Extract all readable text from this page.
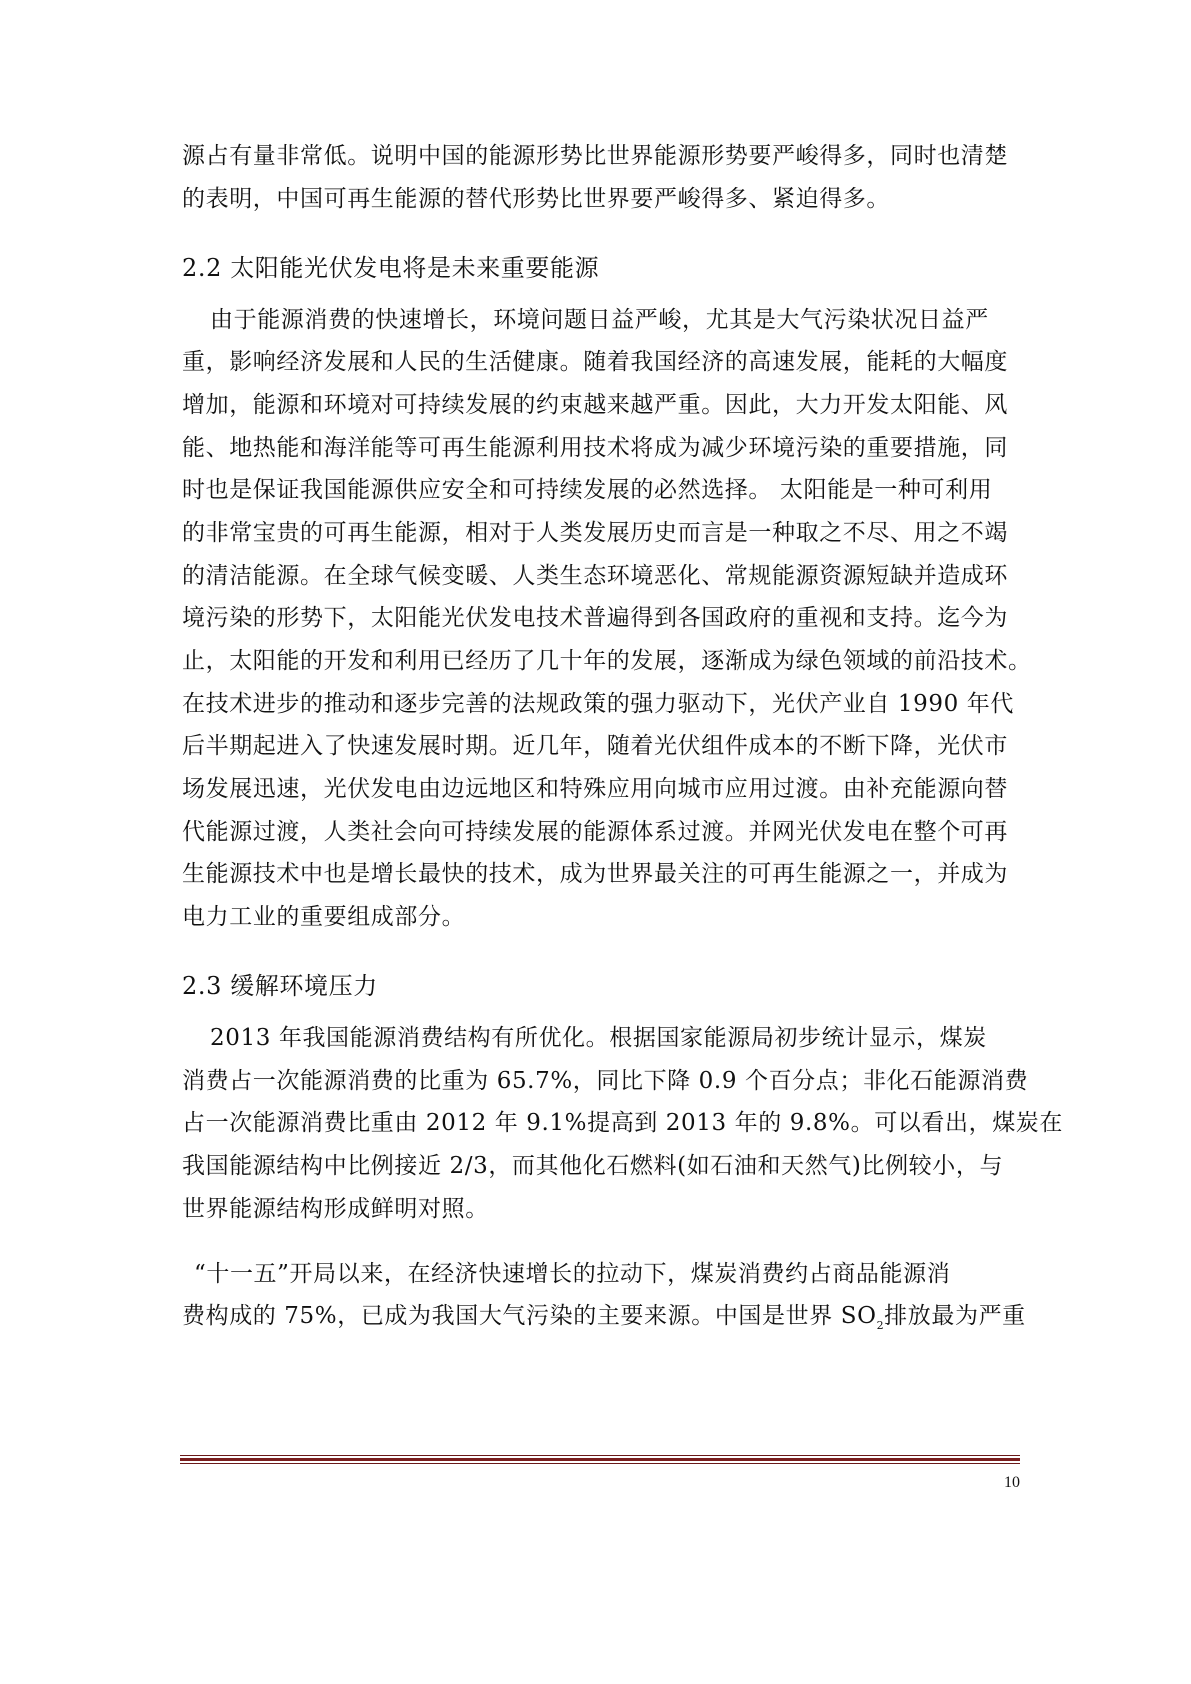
源占有量非常低。说明中国的能源形势比世界能源形势要严峻得多，同时也清楚
的表明，中国可再生能源的替代形势比世界要严峻得多、紧迫得多。
2.2 太阳能光伏发电将是未来重要能源
由于能源消费的快速增长，环境问题日益严峻，尤其是大气污染状况日益严
重，影响经济发展和人民的生活健康。随着我国经济的高速发展，能耗的大幅度
增加，能源和环境对可持续发展的约束越来越严重。因此，大力开发太阳能、风
能、地热能和海洋能等可再生能源利用技术将成为减少环境污染的重要措施，同
时也是保证我国能源供应安全和可持续发展的必然选择。 太阳能是一种可利用
的非常宝贵的可再生能源，相对于人类发展历史而言是一种取之不尽、用之不竭
的清洁能源。在全球气候变暖、人类生态环境恶化、常规能源资源短缺并造成环
境污染的形势下，太阳能光伏发电技术普遍得到各国政府的重视和支持。迄今为
止，太阳能的开发和利用已经历了几十年的发展，逐渐成为绿色领域的前沿技术。
在技术进步的推动和逐步完善的法规政策的强力驱动下，光伏产业自 1990 年代
后半期起进入了快速发展时期。近几年，随着光伏组件成本的不断下降，光伏市
场发展迅速，光伏发电由边远地区和特殊应用向城市应用过渡。由补充能源向替
代能源过渡，人类社会向可持续发展的能源体系过渡。并网光伏发电在整个可再
生能源技术中也是增长最快的技术，成为世界最关注的可再生能源之一，并成为
电力工业的重要组成部分。
2.3 缓解环境压力
2013 年我国能源消费结构有所优化。根据国家能源局初步统计显示，煤炭
消费占一次能源消费的比重为 65.7%，同比下降 0.9 个百分点；非化石能源消费
占一次能源消费比重由 2012 年 9.1%提高到 2013 年的 9.8%。可以看出，煤炭在
我国能源结构中比例接近 2/3，而其他化石燃料(如石油和天然气)比例较小，与
世界能源结构形成鲜明对照。
“十一五”开局以来，在经济快速增长的拉动下，煤炭消费约占商品能源消
费构成的 75%，已成为我国大气污染的主要来源。中国是世界 $SO_2$排放最为严重
10
